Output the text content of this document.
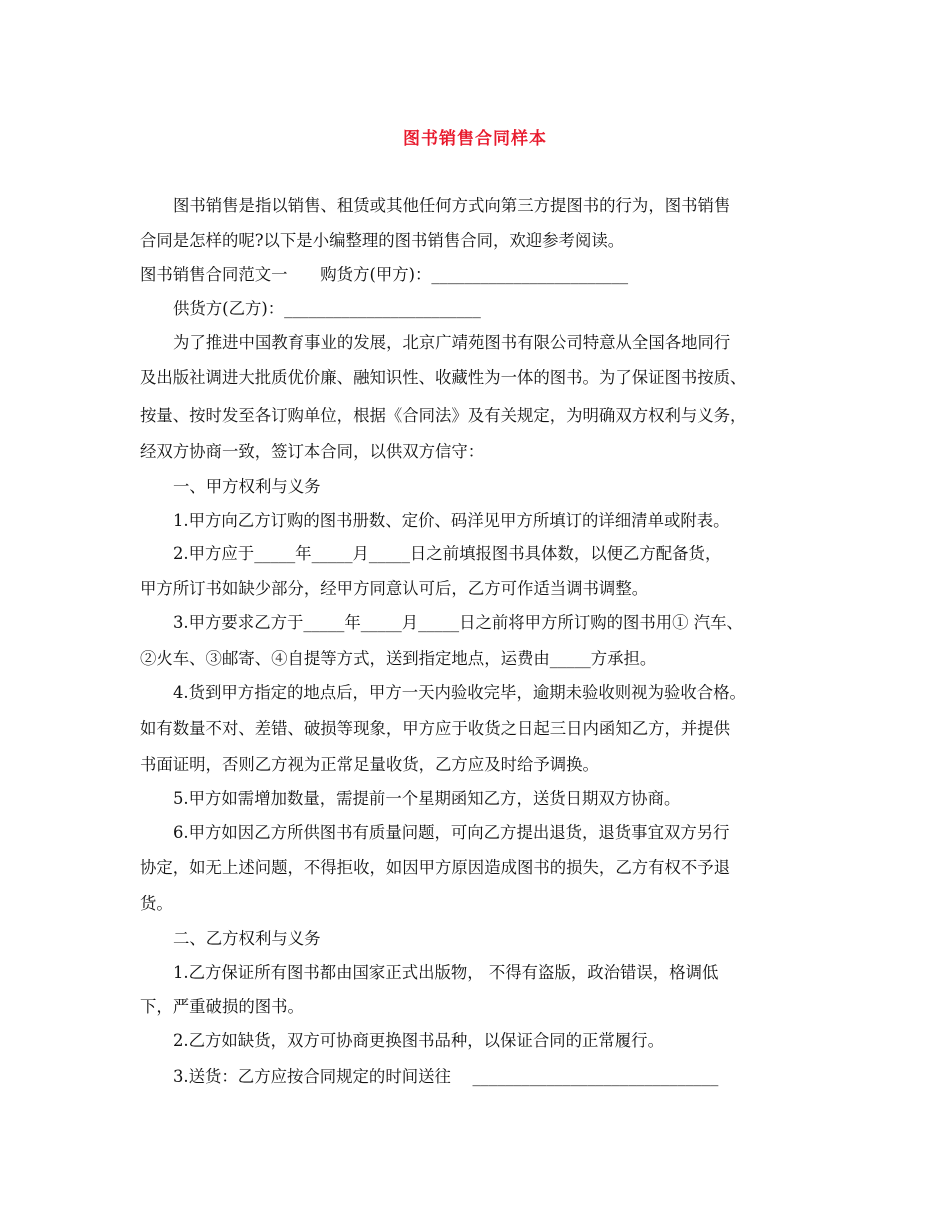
图书销售合同样本
图书销售是指以销售、租赁或其他任何方式向第三方提图书的行为，图书销售
合同是怎样的呢?以下是小编整理的图书销售合同，欢迎参考阅读。
图书销售合同范文一　　购货方(甲方)：________________________
供货方(乙方)：________________________
为了推进中国教育事业的发展，北京广靖苑图书有限公司特意从全国各地同行
及出版社调进大批质优价廉、融知识性、收藏性为一体的图书。为了保证图书按质、
按量、按时发至各订购单位，根据《合同法》及有关规定，为明确双方权利与义务，
经双方协商一致，签订本合同，以供双方信守：
一、甲方权利与义务
1.甲方向乙方订购的图书册数、定价、码洋见甲方所填订的详细清单或附表。
2.甲方应于_____年_____月_____日之前填报图书具体数，以便乙方配备货，
甲方所订书如缺少部分，经甲方同意认可后，乙方可作适当调书调整。
3.甲方要求乙方于_____年_____月_____日之前将甲方所订购的图书用① 汽车、
②火车、③邮寄、④自提等方式，送到指定地点，运费由_____方承担。
4.货到甲方指定的地点后，甲方一天内验收完毕，逾期未验收则视为验收合格。
如有数量不对、差错、破损等现象，甲方应于收货之日起三日内函知乙方，并提供
书面证明，否则乙方视为正常足量收货，乙方应及时给予调换。
5.甲方如需增加数量，需提前一个星期函知乙方，送货日期双方协商。
6.甲方如因乙方所供图书有质量问题，可向乙方提出退货，退货事宜双方另行
协定，如无上述问题，不得拒收，如因甲方原因造成图书的损失，乙方有权不予退
货。
二、乙方权利与义务
1.乙方保证所有图书都由国家正式出版物， 不得有盗版，政治错误，格调低
下，严重破损的图书。
2.乙方如缺货，双方可协商更换图书品种，以保证合同的正常履行。
3.送货：乙方应按合同规定的时间送往　 ______________________________
